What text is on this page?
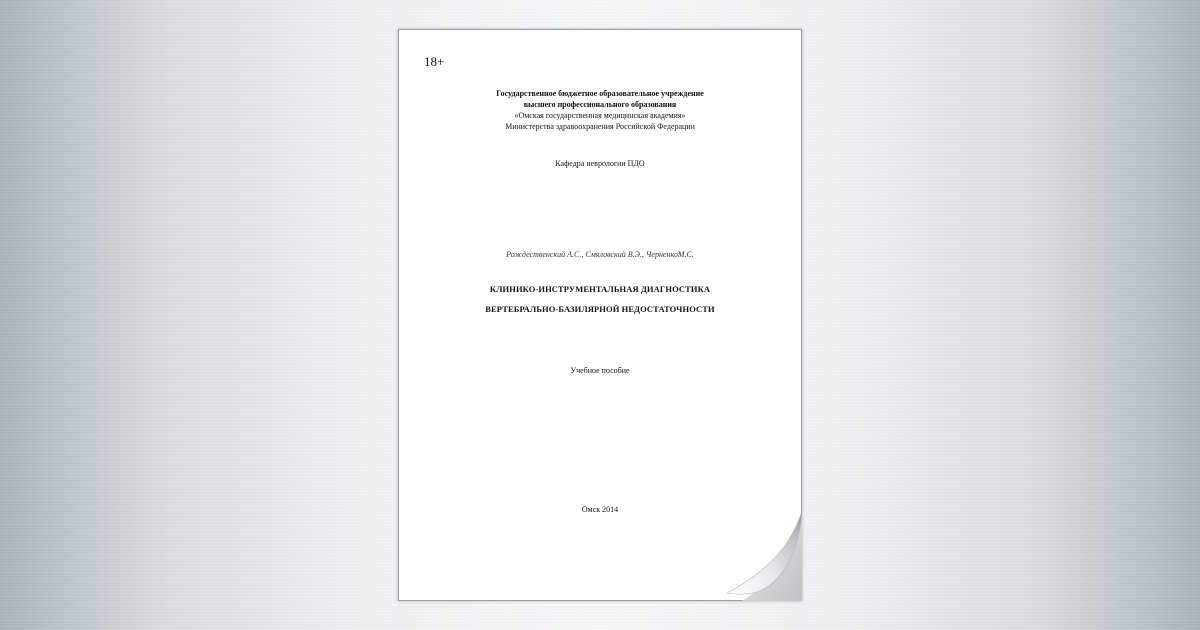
18+
Государственное бюджетное образовательное учреждение
высшего профессионального образования
«Омская государственная медицинская академия»
Министерства здравоохранения Российской Федерации
Кафедра неврологии ПДО
Рождественский А.С., Смяловский В.Э., ЧерненкоМ.С.
КЛИНИКО-ИНСТРУМЕНТАЛЬНАЯ ДИАГНОСТИКА
ВЕРТЕБРАЛЬНО-БАЗИЛЯРНОЙ НЕДОСТАТОЧНОСТИ
Учебное пособие
Омск 2014
